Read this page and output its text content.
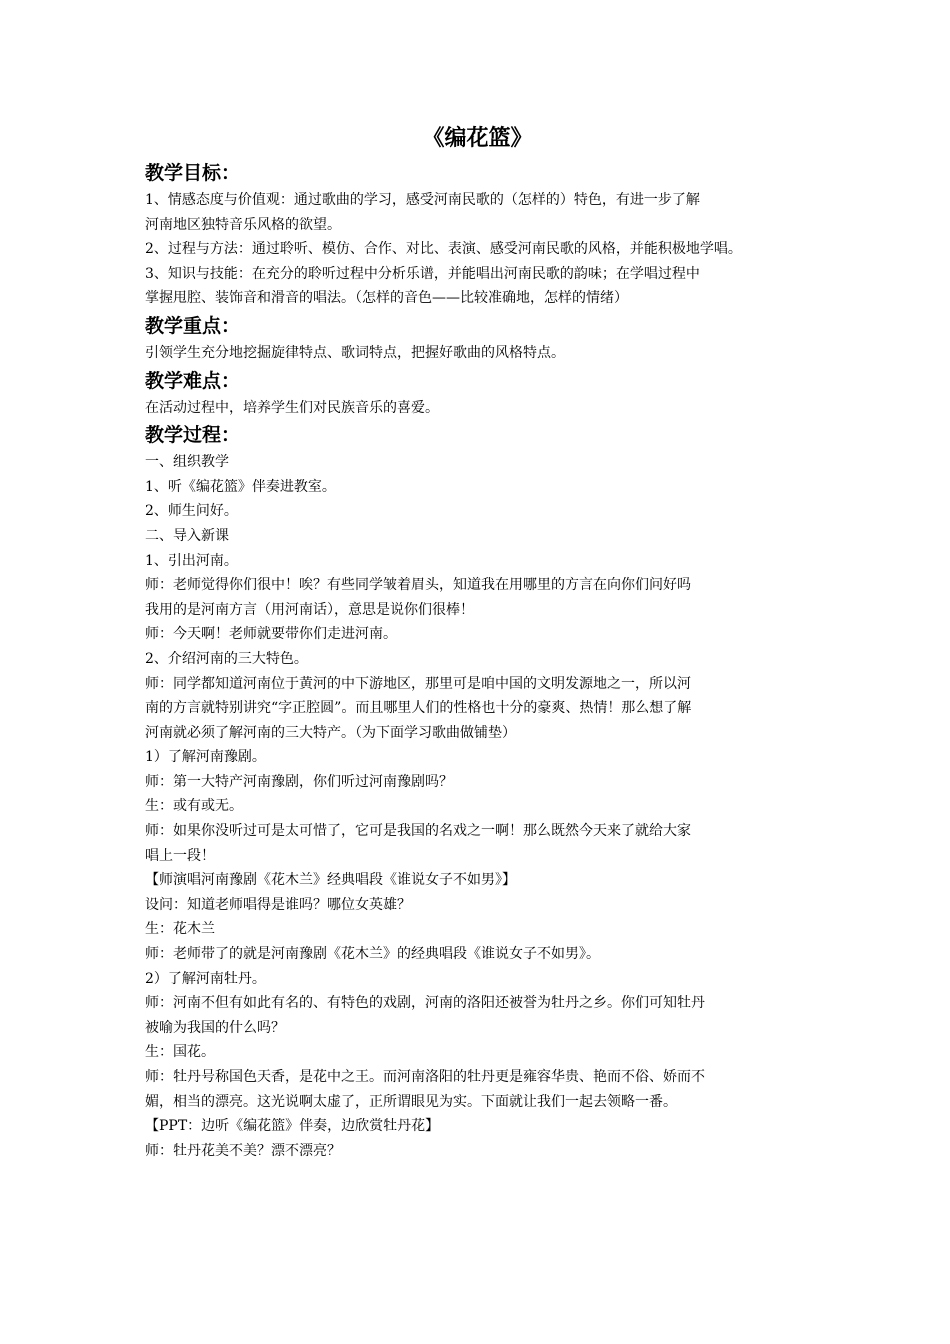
《编花篮》
教学目标：

1、情感态度与价值观：通过歌曲的学习，感受河南民歌的（怎样的）特色，有进一步了解

河南地区独特音乐风格的欲望。

2、过程与方法：通过聆听、模仿、合作、对比、表演、感受河南民歌的风格，并能积极地学唱。

3、知识与技能：在充分的聆听过程中分析乐谱，并能唱出河南民歌的韵味；在学唱过程中

掌握甩腔、装饰音和滑音的唱法。（怎样的音色——比较准确地，怎样的情绪）

教学重点：

引领学生充分地挖掘旋律特点、歌词特点，把握好歌曲的风格特点。

教学难点：

在活动过程中，培养学生们对民族音乐的喜爱。

教学过程：

一、组织教学

1、听《编花篮》伴奏进教室。

2、师生问好。

二、导入新课

1、引出河南。

师：老师觉得你们很中！唉？有些同学皱着眉头，知道我在用哪里的方言在向你们问好吗

我用的是河南方言（用河南话），意思是说你们很棒！

师：今天啊！老师就要带你们走进河南。

2、介绍河南的三大特色。

师：同学都知道河南位于黄河的中下游地区，那里可是咱中国的文明发源地之一，所以河

南的方言就特别讲究“字正腔圆”。而且哪里人们的性格也十分的豪爽、热情！那么想了解

河南就必须了解河南的三大特产。（为下面学习歌曲做铺垫）

1）了解河南豫剧。

师：第一大特产河南豫剧，你们听过河南豫剧吗？

生：或有或无。

师：如果你没听过可是太可惜了，它可是我国的名戏之一啊！那么既然今天来了就给大家

唱上一段！

【师演唱河南豫剧《花木兰》经典唱段《谁说女子不如男》】

设问：知道老师唱得是谁吗？哪位女英雄？

生：花木兰

师：老师带了的就是河南豫剧《花木兰》的经典唱段《谁说女子不如男》。

2）了解河南牡丹。

师：河南不但有如此有名的、有特色的戏剧，河南的洛阳还被誉为牡丹之乡。你们可知牡丹

被喻为我国的什么吗？

生：国花。

师：牡丹号称国色天香，是花中之王。而河南洛阳的牡丹更是雍容华贵、艳而不俗、娇而不

媚，相当的漂亮。这光说啊太虚了，正所谓眼见为实。下面就让我们一起去领略一番。

【PPT：边听《编花篮》伴奏，边欣赏牡丹花】

师：牡丹花美不美？漂不漂亮？
